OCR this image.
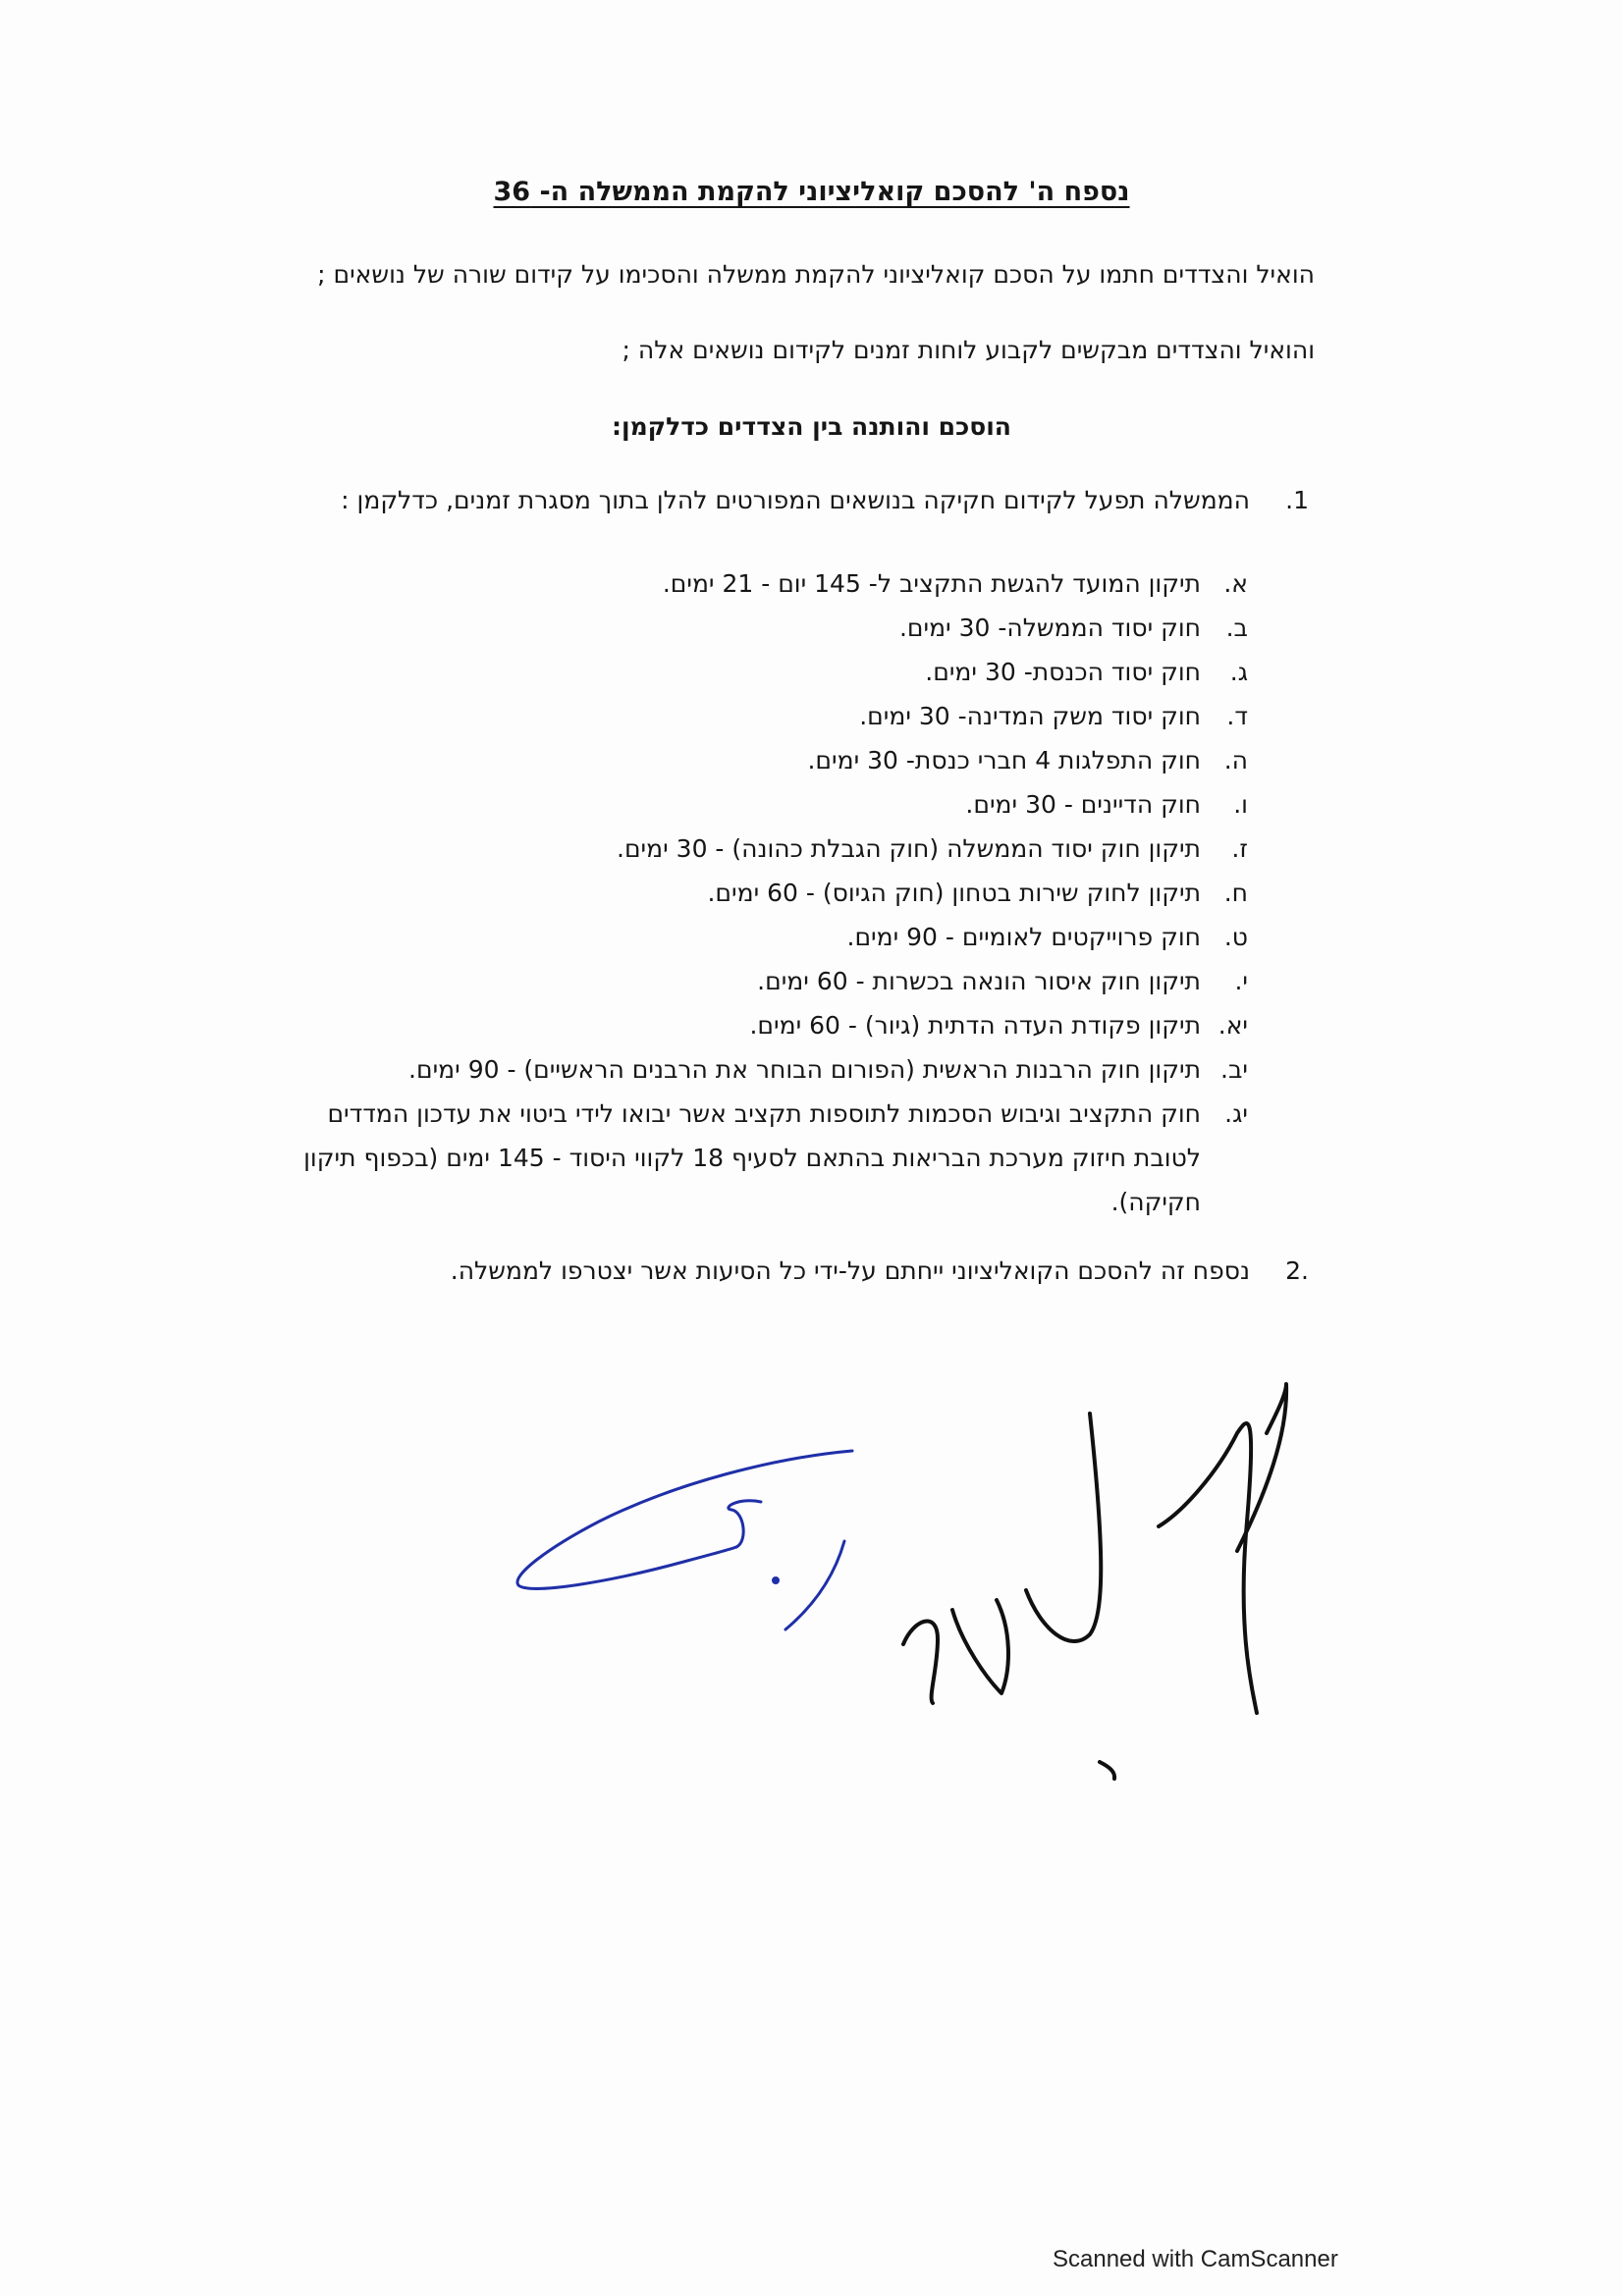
נספח ה' להסכם קואליציוני להקמת הממשלה ה- 36
הואיל והצדדים חתמו על הסכם קואליציוני להקמת ממשלה והסכימו על קידום שורה של נושאים ;
והואיל והצדדים מבקשים לקבוע לוחות זמנים לקידום נושאים אלה ;
הוסכם והותנה בין הצדדים כדלקמן:
1.
הממשלה תפעל לקידום חקיקה בנושאים המפורטים להלן בתוך מסגרת זמנים, כדלקמן :
א.
תיקון המועד להגשת התקציב ל- 145 יום - 21 ימים.
ב.
חוק יסוד הממשלה- 30 ימים.
ג.
חוק יסוד הכנסת- 30 ימים.
ד.
חוק יסוד משק המדינה- 30 ימים.
ה.
חוק התפלגות 4 חברי כנסת- 30 ימים.
ו.
חוק הדיינים - 30 ימים.
ז.
תיקון חוק יסוד הממשלה (חוק הגבלת כהונה) - 30 ימים.
ח.
תיקון לחוק שירות בטחון (חוק הגיוס) - 60 ימים.
ט.
חוק פרוייקטים לאומיים - 90 ימים.
י.
תיקון חוק איסור הונאה בכשרות - 60 ימים.
יא.
תיקון פקודת העדה הדתית (גיור) - 60 ימים.
יב.
תיקון חוק הרבנות הראשית (הפורום הבוחר את הרבנים הראשיים) - 90 ימים.
יג.
חוק התקציב וגיבוש הסכמות לתוספות תקציב אשר יבואו לידי ביטוי את עדכון המדדים לטובת חיזוק מערכת הבריאות בהתאם לסעיף 18 לקווי היסוד - 145 ימים (בכפוף תיקון חקיקה).
.2
נספח זה להסכם הקואליציוני ייחתם על-ידי כל הסיעות אשר יצטרפו לממשלה.
Scanned with CamScanner
